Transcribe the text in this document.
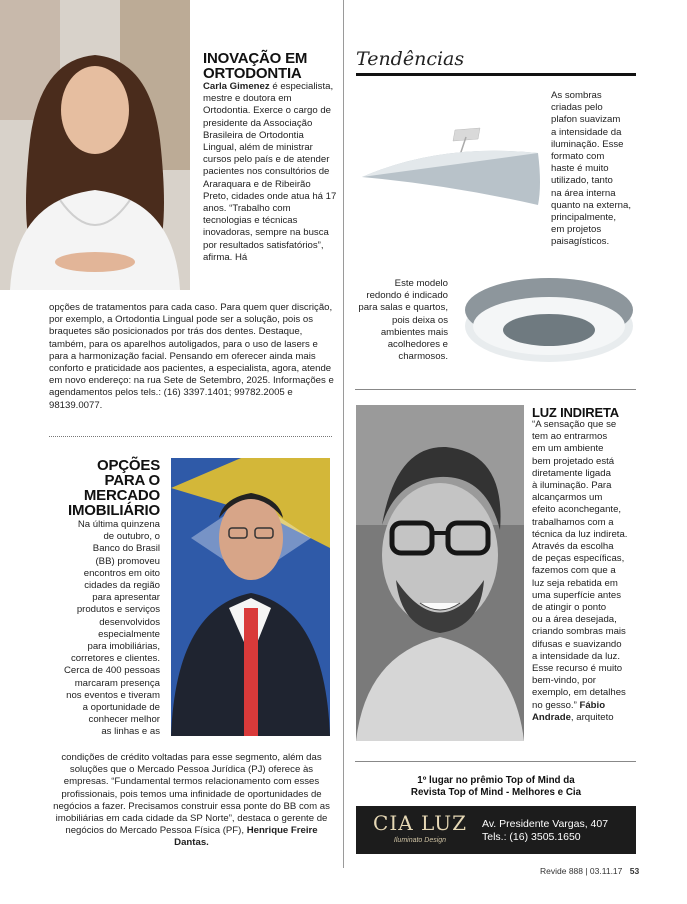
INOVAÇÃO EM ORTODONTIA
Carla Gimenez é especialista, mestre e doutora em Ortodontia. Exerce o cargo de presidente da Associação Brasileira de Ortodontia Lingual, além de ministrar cursos pelo país e de atender pacientes nos consultórios de Araraquara e de Ribeirão Preto, cidades onde atua há 17 anos. “Trabalho com tecnologias e técnicas inovadoras, sempre na busca por resultados satisfatórios”, afirma. Há
opções de tratamentos para cada caso. Para quem quer discrição, por exemplo, a Ortodontia Lingual pode ser a solução, pois os braquetes são posicionados por trás dos dentes. Destaque, também, para os aparelhos autoligados, para o uso de lasers e para a harmonização facial. Pensando em oferecer ainda mais conforto e praticidade aos pacientes, a especialista, agora, atende em novo endereço: na rua Sete de Setembro, 2025. Informações e agendamentos pelos tels.: (16) 3397.1401; 99782.2005 e 98139.0077.
OPÇÕES
PARA O
MERCADO
IMOBILIÁRIO
Na última quinzena
de outubro, o
Banco do Brasil
(BB) promoveu
encontros em oito
cidades da região
para apresentar
produtos e serviços
desenvolvidos
especialmente
para imobiliárias,
corretores e clientes.
Cerca de 400 pessoas
marcaram presença
nos eventos e tiveram
a oportunidade de
conhecer melhor
as linhas e as
condições de crédito voltadas para esse segmento, além das soluções que o Mercado Pessoa Jurídica (PJ) oferece às empresas. “Fundamental termos relacionamento com esses profissionais, pois temos uma infinidade de oportunidades de negócios a fazer. Precisamos construir essa ponte do BB com as imobiliárias em cada cidade da SP Norte”, destaca o gerente de negócios do Mercado Pessoa Física (PF), Henrique Freire Dantas.
Tendências
As sombras
criadas pelo
plafon suavizam
a intensidade da
iluminação. Esse
formato com
haste é muito
utilizado, tanto
na área interna
quanto na externa,
principalmente,
em projetos
paisagísticos.
Este modelo
redondo é indicado
para salas e quartos,
pois deixa os
ambientes mais
acolhedores e
charmosos.
LUZ INDIRETA
“A sensação que se
tem ao entrarmos
em um ambiente
bem projetado está
diretamente ligada
à iluminação. Para
alcançarmos um
efeito aconchegante,
trabalhamos com a
técnica da luz indireta.
Através da escolha
de peças específicas,
fazemos com que a
luz seja rebatida em
uma superfície antes
de atingir o ponto
ou a área desejada,
criando sombras mais
difusas e suavizando
a intensidade da luz.
Esse recurso é muito
bem-vindo, por
exemplo, em detalhes
no gesso.” Fábio
Andrade, arquiteto
1º lugar no prêmio Top of Mind da
Revista Top of Mind - Melhores e Cia
CIA LUZ
Iluminato Design
Av. Presidente Vargas, 407
Tels.: (16) 3505.1650
Revide 888 | 03.11.17 53
